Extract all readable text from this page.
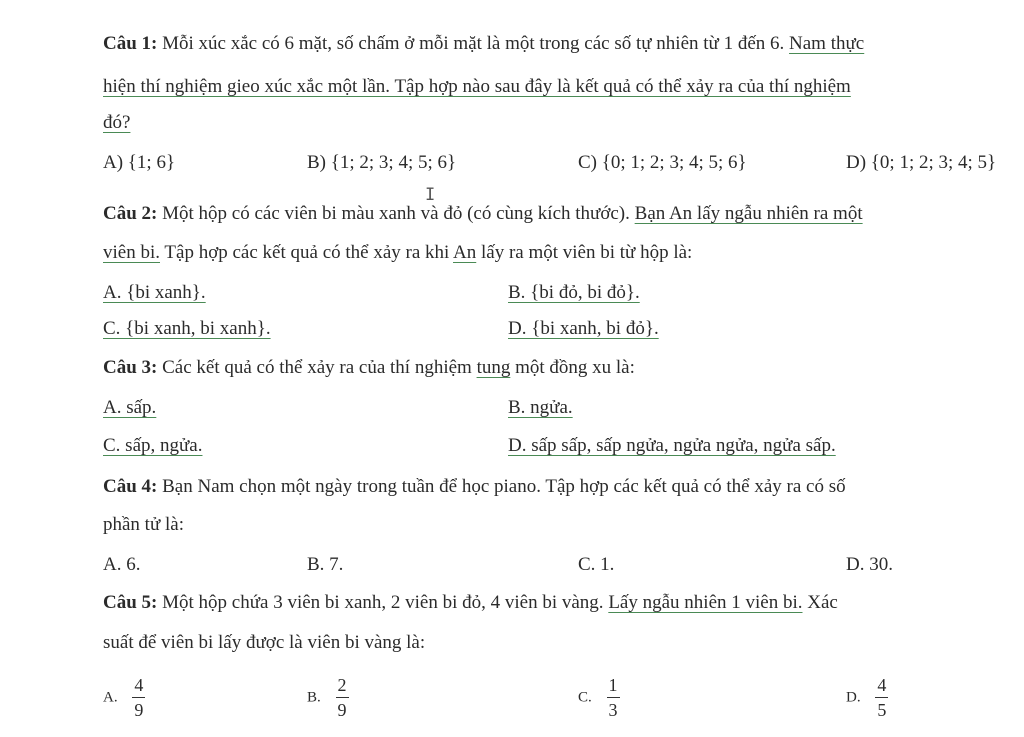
Câu 1: Mỗi xúc xắc có 6 mặt, số chấm ở mỗi mặt là một trong các số tự nhiên từ 1 đến 6. Nam thực
hiện thí nghiệm gieo xúc xắc một lần. Tập hợp nào sau đây là kết quả có thể xảy ra của thí nghiệm
đó?
A) {1; 6}	B) {1; 2; 3; 4; 5; 6}	C) {0; 1; 2; 3; 4; 5; 6}	D) {0; 1; 2; 3; 4; 5}
I
Câu 2: Một hộp có các viên bi màu xanh và đỏ (có cùng kích thước). Bạn An lấy ngẫu nhiên ra một
viên bi. Tập hợp các kết quả có thể xảy ra khi An lấy ra một viên bi từ hộp là:
A. {bi xanh}.	B. {bi đỏ, bi đỏ}.
C. {bi xanh, bi xanh}.	D. {bi xanh, bi đỏ}.
Câu 3: Các kết quả có thể xảy ra của thí nghiệm tung một đồng xu là:
A. sấp.	B. ngửa.
C. sấp, ngửa.	D. sấp sấp, sấp ngửa, ngửa ngửa, ngửa sấp.
Câu 4: Bạn Nam chọn một ngày trong tuần để học piano. Tập hợp các kết quả có thể xảy ra có số
phần tử là:
A. 6.	B. 7.	C. 1.	D. 30.
Câu 5: Một hộp chứa 3 viên bi xanh, 2 viên bi đỏ, 4 viên bi vàng. Lấy ngẫu nhiên 1 viên bi. Xác
suất để viên bi lấy được là viên bi vàng là:
A. $\frac{4}{9}$	B. $\frac{2}{9}$	C. $\frac{1}{3}$	D. $\frac{4}{5}$
